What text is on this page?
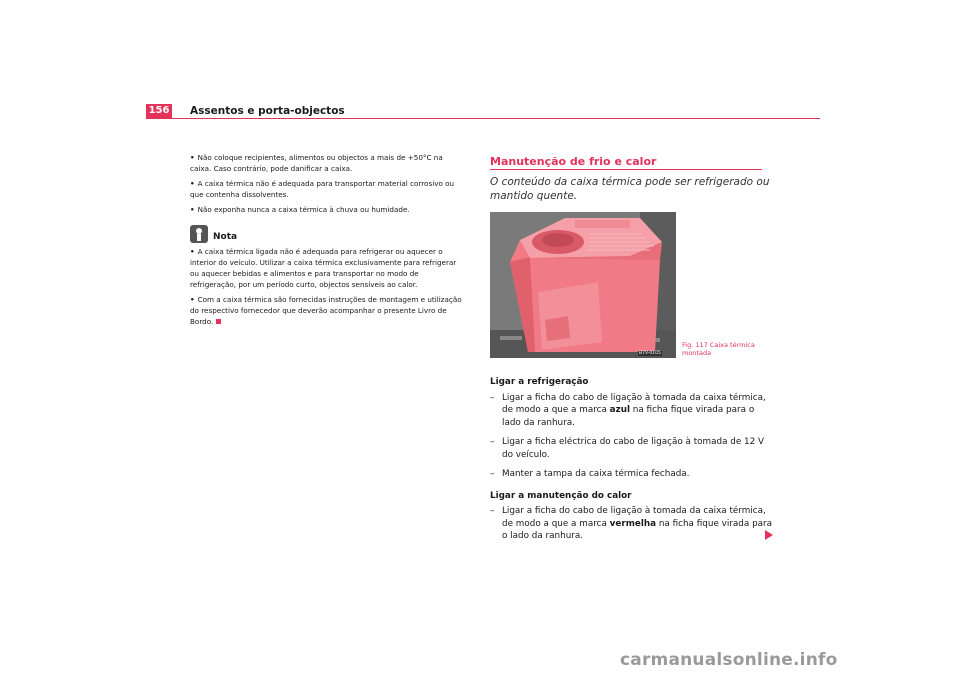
156 Assentos e porta-objectos
• Não coloque recipientes, alimentos ou objectos a mais de +50°C na caixa. Caso contrário, pode danificar a caixa.
• A caixa térmica não é adequada para transportar material corrosivo ou que contenha dissolventes.
• Não exponha nunca a caixa térmica à chuva ou humidade.
Nota
• A caixa térmica ligada não é adequada para refrigerar ou aquecer o interior do veículo. Utilizar a caixa térmica exclusivamente para refrigerar ou aquecer bebidas e alimentos e para transportar no modo de refrigeração, por um período curto, objectos sensíveis ao calor.
• Com a caixa térmica são fornecidas instruções de montagem e utilização do respectivo fornecedor que deverão acompanhar o presente Livro de Bordo.
Manutenção de frio e calor
O conteúdo da caixa térmica pode ser refrigerado ou mantido quente.
B7V-0105
Fig. 117 Caixa térmica
montada
Ligar a refrigeração
– Ligar a ficha do cabo de ligação à tomada da caixa térmica, de modo a que a marca azul na ficha fique virada para o lado da ranhura.
– Ligar a ficha eléctrica do cabo de ligação à tomada de 12 V do veículo.
– Manter a tampa da caixa térmica fechada.
Ligar a manutenção do calor
– Ligar a ficha do cabo de ligação à tomada da caixa térmica, de modo a que a marca vermelha na ficha fique virada para o lado da ranhura.
carmanualsonline.info
